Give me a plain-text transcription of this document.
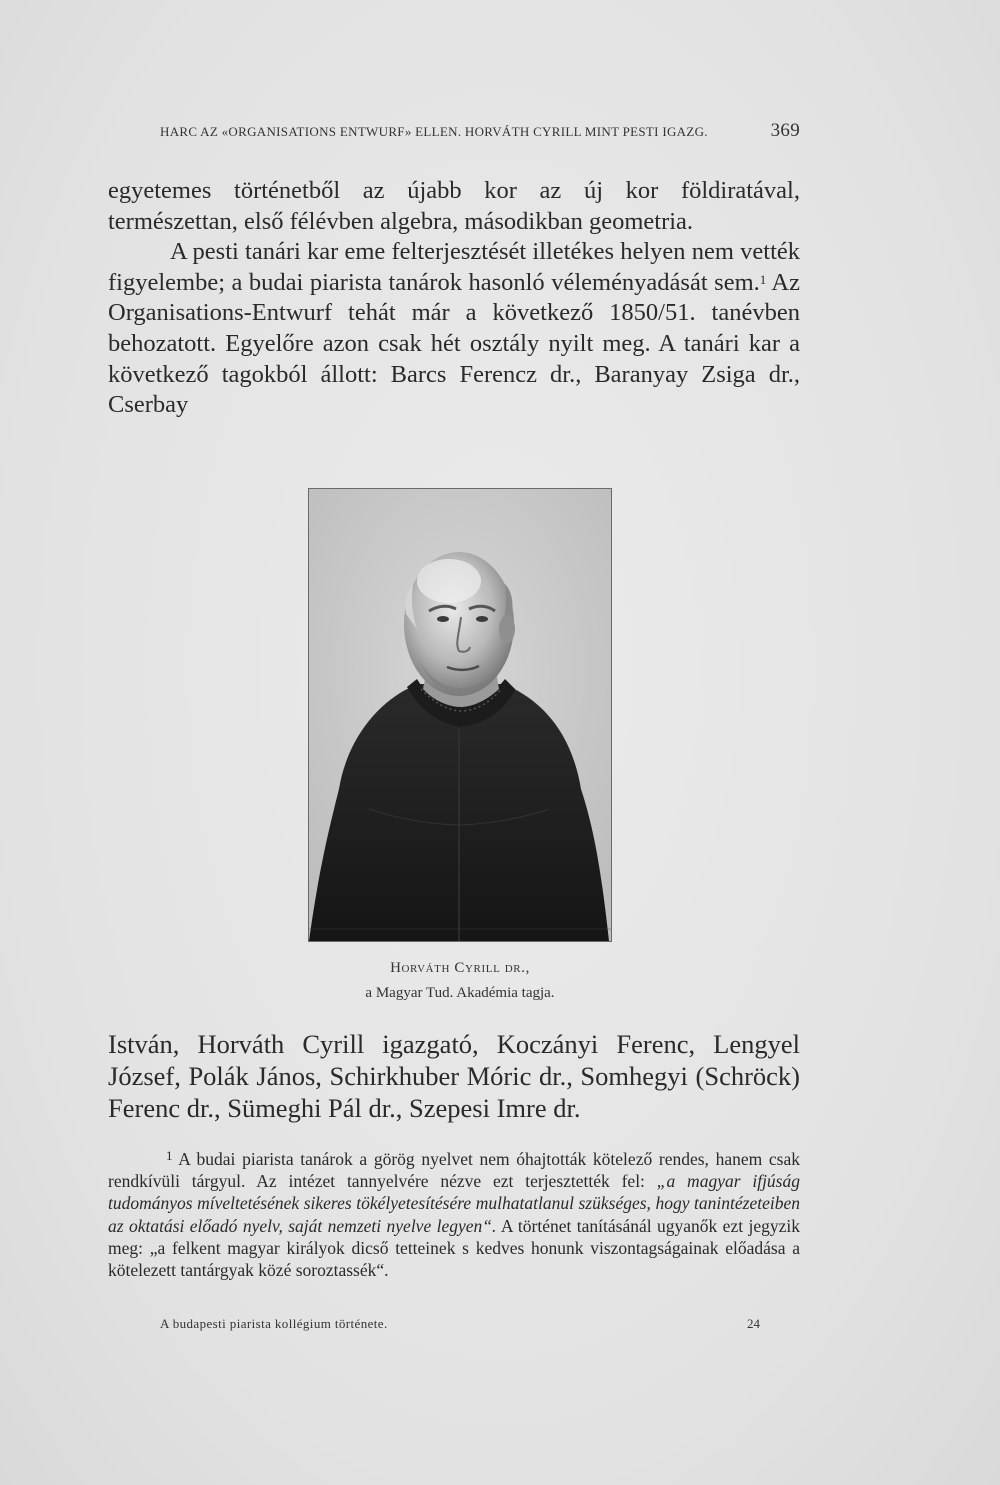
HARC AZ «ORGANISATIONS ENTWURF» ELLEN. HORVÁTH CYRILL MINT PESTI IGAZG.	369

egyetemes történetből az újabb kor az új kor földiratával, természettan, első félévben algebra, másodikban geometria.

A pesti tanári kar eme felterjesztését illetékes helyen nem vették figyelembe; a budai piarista tanárok hasonló véleményadását sem.$^1$ Az Organisations-Entwurf tehát már a következő 1850/51. tanévben behozatott. Egyelőre azon csak hét osztály nyilt meg. A tanári kar a következő tagokból állott: Barcs Ferencz dr., Baranyay Zsiga dr., Cserbay

Horváth Cyrill dr.,
a Magyar Tud. Akadémia tagja.

István, Horváth Cyrill igazgató, Koczányi Ferenc, Lengyel József, Polák János, Schirkhuber Móric dr., Somhegyi (Schröck) Ferenc dr., Sümeghi Pál dr., Szepesi Imre dr.

$^1$ A budai piarista tanárok a görög nyelvet nem óhajtották kötelező rendes, hanem csak rendkívüli tárgyul. Az intézet tannyelvére nézve ezt terjesztették fel: „a magyar ifjúság tudományos míveltetésének sikeres tökélyetesítésére mulhatatlanul szükséges, hogy tanintézeteiben az oktatási előadó nyelv, saját nemzeti nyelve legyen“. A történet tanításánál ugyanők ezt jegyzik meg: „a felkent magyar királyok dicső tetteinek s kedves honunk viszontagságainak előadása a kötelezett tantárgyak közé soroztassék“.

A budapesti piarista kollégium története.	24
